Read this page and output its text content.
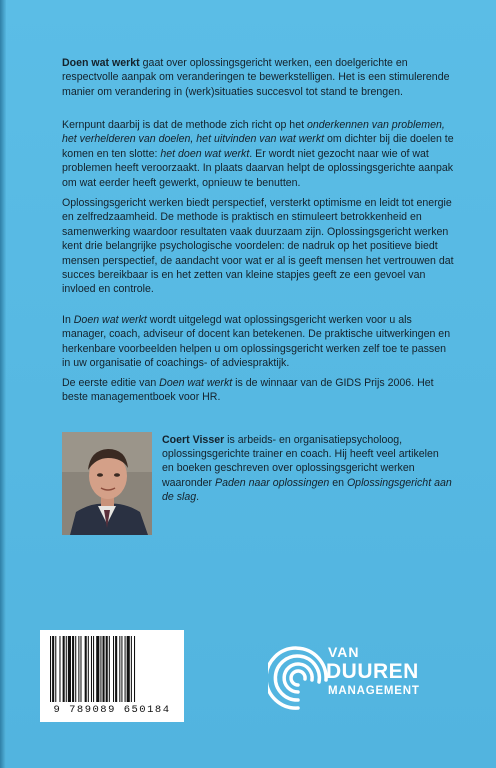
Doen wat werkt gaat over oplossingsgericht werken, een doelgerichte en respectvolle aanpak om veranderingen te bewerkstelligen. Het is een stimulerende manier om verandering in (werk)situaties succesvol tot stand te brengen.
Kernpunt daarbij is dat de methode zich richt op het onderkennen van problemen, het verhelderen van doelen, het uitvinden van wat werkt om dichter bij die doelen te komen en ten slotte: het doen wat werkt. Er wordt niet gezocht naar wie of wat problemen heeft veroorzaakt. In plaats daarvan helpt de oplossingsgerichte aanpak om wat eerder heeft gewerkt, opnieuw te benutten.
Oplossingsgericht werken biedt perspectief, versterkt optimisme en leidt tot energie en zelfredzaamheid. De methode is praktisch en stimuleert betrokkenheid en samenwerking waardoor resultaten vaak duurzaam zijn. Oplossingsgericht werken kent drie belangrijke psychologische voordelen: de nadruk op het positieve biedt mensen perspectief, de aandacht voor wat er al is geeft mensen het vertrouwen dat succes bereikbaar is en het zetten van kleine stapjes geeft ze een gevoel van invloed en controle.
In Doen wat werkt wordt uitgelegd wat oplossingsgericht werken voor u als manager, coach, adviseur of docent kan betekenen. De praktische uitwerkingen en herkenbare voorbeelden helpen u om oplossingsgericht werken zelf toe te passen in uw organisatie of coachings- of adviespraktijk.
De eerste editie van Doen wat werkt is de winnaar van de GIDS Prijs 2006. Het beste managementboek voor HR.
Coert Visser is arbeids- en organisatiepsycholoog, oplossingsgerichte trainer en coach. Hij heeft veel artikelen en boeken geschreven over oplossingsgericht werken waaronder Paden naar oplossingen en Oplossingsgericht aan de slag.
9 789089 650184
VAN
DUUREN
MANAGEMENT
